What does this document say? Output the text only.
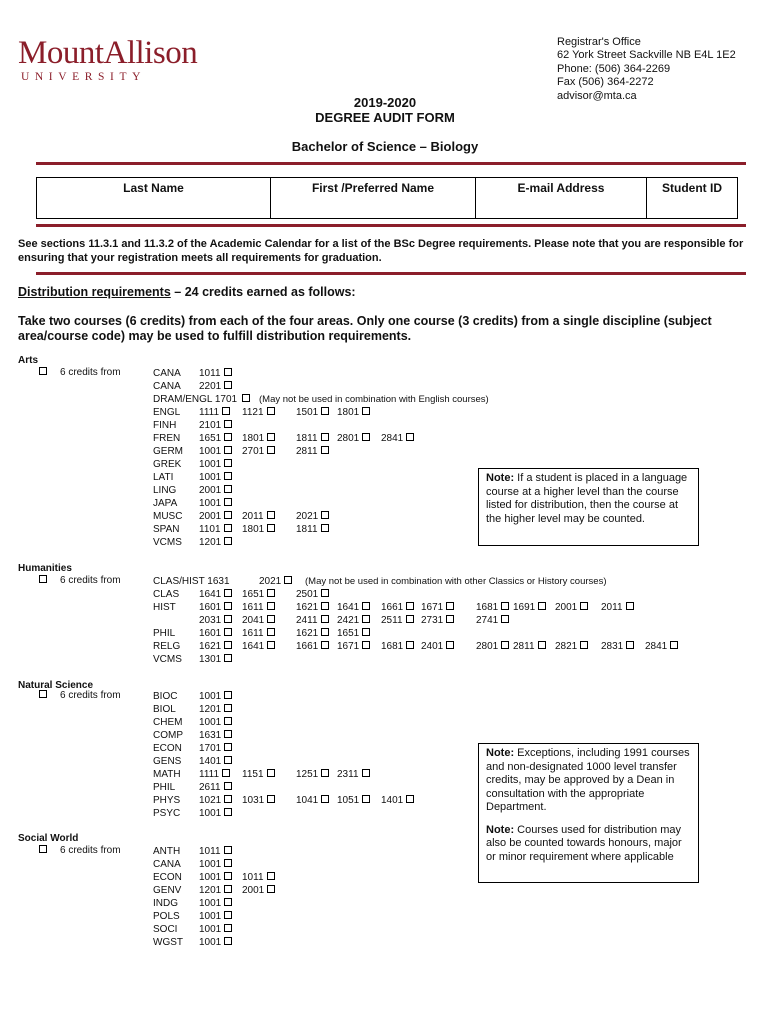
MountAllison
UNIVERSITY
Registrar's Office
62 York Street Sackville NB E4L 1E2
Phone: (506) 364-2269
Fax (506) 364-2272
advisor@mta.ca
2019-2020
DEGREE AUDIT FORM
Bachelor of Science – Biology
Last Name	First /Preferred Name	E-mail Address	Student ID
See sections 11.3.1 and 11.3.2 of the Academic Calendar for a list of the BSc Degree requirements. Please note that you are responsible for ensuring that your registration meets all requirements for graduation.
Distribution requirements – 24 credits earned as follows:
Take two courses (6 credits) from each of the four areas. Only one course (3 credits) from a single discipline (subject area/course code) may be used to fulfill distribution requirements.
Arts
6 credits from	CANA 1011
CANA 2201
DRAM/ENGL 1701 (May not be used in combination with English courses)
ENGL 1111	1121	1501	1801
FINH 2101
FREN 1651	1801	1811	2801	2841
GERM 1001	2701	2811
GREK 1001
LATI	1001
LING 2001
JAPA 1001
MUSC 2001	2011	2021
SPAN 1101	1801	1811
VCMS 1201
Humanities
6 credits from	CLAS/HIST 1631	2021	(May not be used in combination with other Classics or History courses)
CLAS 1641	1651	2501
HIST 1601	1611	1621	1641	1661	1671	1681	1691	2001	2011
2031	2041	2411	2421	2511	2731	2741
PHIL 1601	1611	1621	1651
RELG 1621	1641	1661	1671	1681	2401	2801	2811	2821	2831	2841
VCMS 1301
Natural Science
6 credits from	BIOC 1001
BIOL 1201
CHEM 1001
COMP 1631
ECON 1701
GENS 1401
MATH 1111	1151	1251	2311
PHIL 2611
PHYS 1021	1031	1041	1051	1401
PSYC 1001
Social World
6 credits from	ANTH 1011
CANA 1001
ECON 1001	1011
GENV 1201	2001
INDG 1001
POLS 1001
SOCI 1001
WGST 1001
Note: If a student is placed in a language course at a higher level than the course listed for distribution, then the course at the higher level may be counted.
Note: Exceptions, including 1991 courses and non-designated 1000 level transfer credits, may be approved by a Dean in consultation with the appropriate Department.
Note: Courses used for distribution may also be counted towards honours, major or minor requirement where applicable
